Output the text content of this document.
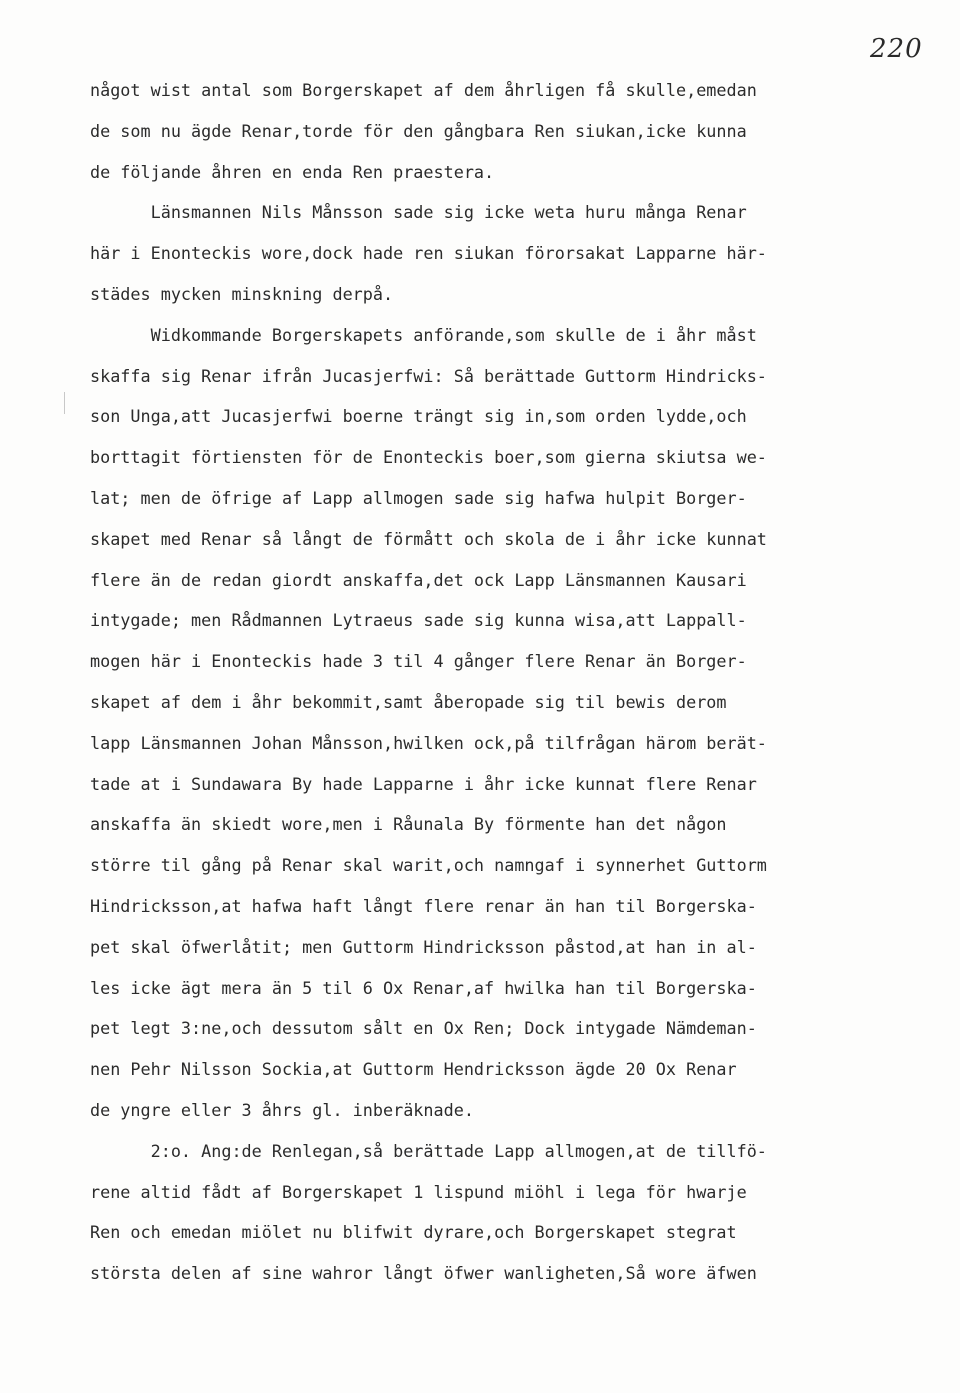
220
något wist antal som Borgerskapet af dem åhrligen få skulle,emedan
de som nu ägde Renar,torde för den gångbara Ren siukan,icke kunna
de följande åhren en enda Ren praestera.
Länsmannen Nils Månsson sade sig icke weta huru många Renar
här i Enonteckis wore,dock hade ren siukan förorsakat Lapparne här-
städes mycken minskning derpå.
Widkommande Borgerskapets anförande,som skulle de i åhr måst
skaffa sig Renar ifrån Jucasjerfwi: Så berättade Guttorm Hindricks-
son Unga,att Jucasjerfwi boerne trängt sig in,som orden lydde,och
borttagit förtiensten för de Enonteckis boer,som gierna skiutsa we-
lat; men de öfrige af Lapp allmogen sade sig hafwa hulpit Borger-
skapet med Renar så långt de förmått och skola de i åhr icke kunnat
flere än de redan giordt anskaffa,det ock Lapp Länsmannen Kausari
intygade; men Rådmannen Lytraeus sade sig kunna wisa,att Lappall-
mogen här i Enonteckis hade 3 til 4 gånger flere Renar än Borger-
skapet af dem i åhr bekommit,samt åberopade sig til bewis derom
lapp Länsmannen Johan Månsson,hwilken ock,på tilfrågan härom berät-
tade at i Sundawara By hade Lapparne i åhr icke kunnat flere Renar
anskaffa än skiedt wore,men i Råunala By förmente han det någon
större til gång på Renar skal warit,och namngaf i synnerhet Guttorm
Hindricksson,at hafwa haft långt flere renar än han til Borgerska-
pet skal öfwerlåtit; men Guttorm Hindricksson påstod,at han in al-
les icke ägt mera än 5 til 6 Ox Renar,af hwilka han til Borgerska-
pet legt 3:ne,och dessutom sålt en Ox Ren; Dock intygade Nämdeman-
nen Pehr Nilsson Sockia,at Guttorm Hendricksson ägde 20 Ox Renar
de yngre eller 3 åhrs gl. inberäknade.
2:o. Ang:de Renlegan,så berättade Lapp allmogen,at de tillfö-
rene altid fådt af Borgerskapet 1 lispund miöhl i lega för hwarje
Ren och emedan miölet nu blifwit dyrare,och Borgerskapet stegrat
största delen af sine wahror långt öfwer wanligheten,Så wore äfwen
